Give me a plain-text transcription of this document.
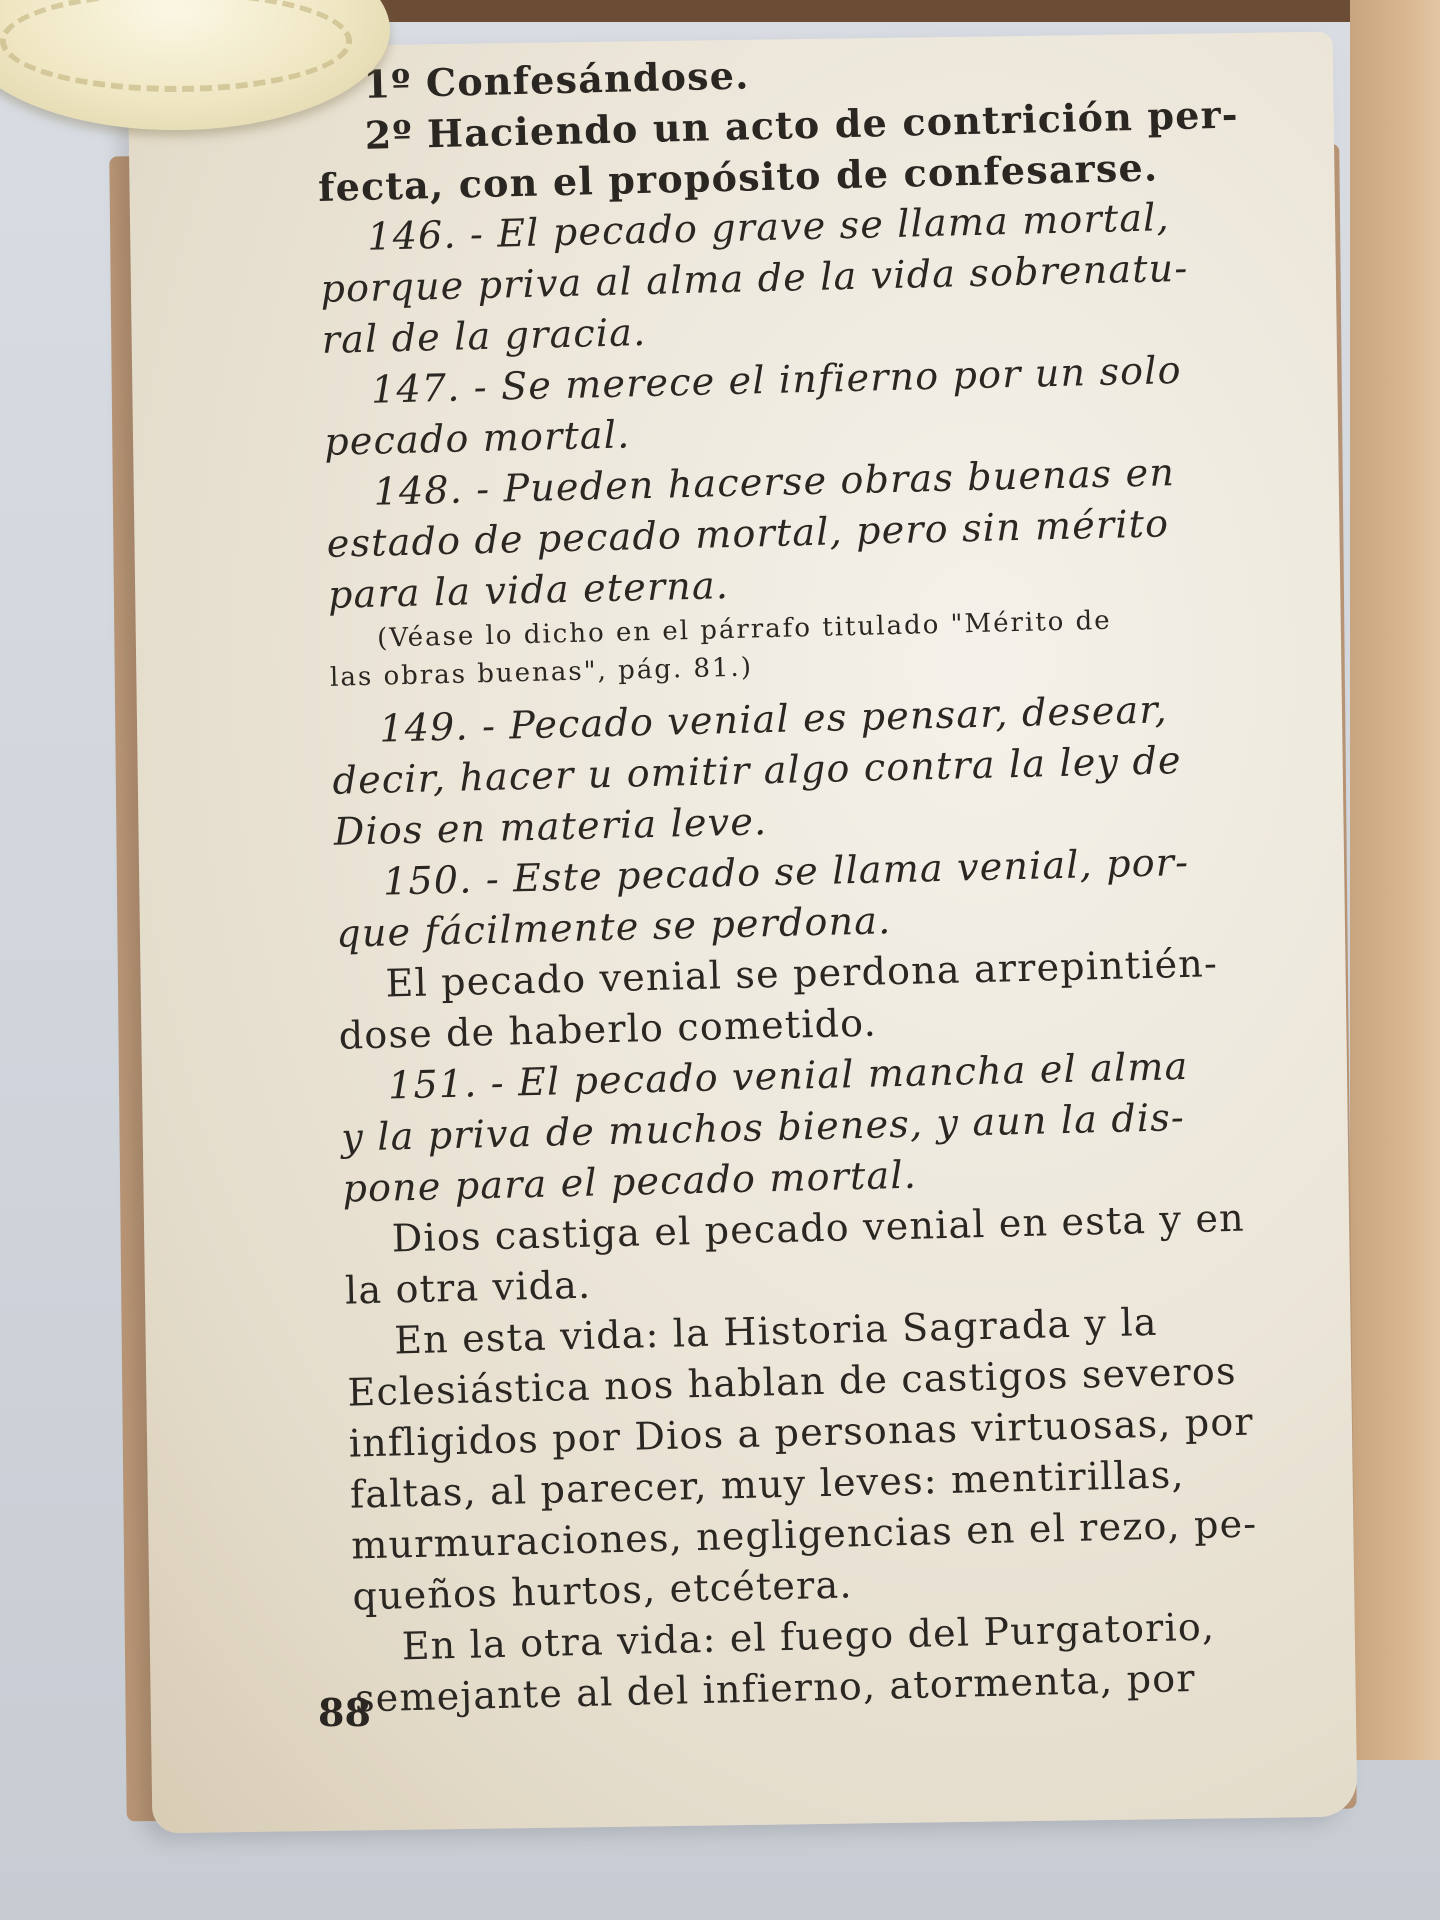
1º Confesándose.
2º Haciendo un acto de contrición per-
fecta, con el propósito de confesarse.
146. - El pecado grave se llama mortal,
porque priva al alma de la vida sobrenatu-
ral de la gracia.
147. - Se merece el infierno por un solo
pecado mortal.
148. - Pueden hacerse obras buenas en
estado de pecado mortal, pero sin mérito
para la vida eterna.
(Véase lo dicho en el párrafo titulado "Mérito de
las obras buenas", pág. 81.)
149. - Pecado venial es pensar, desear,
decir, hacer u omitir algo contra la ley de
Dios en materia leve.
150. - Este pecado se llama venial, por-
que fácilmente se perdona.
El pecado venial se perdona arrepintién-
dose de haberlo cometido.
151. - El pecado venial mancha el alma
y la priva de muchos bienes, y aun la dis-
pone para el pecado mortal.
Dios castiga el pecado venial en esta y en
la otra vida.
En esta vida: la Historia Sagrada y la
Eclesiástica nos hablan de castigos severos
infligidos por Dios a personas virtuosas, por
faltas, al parecer, muy leves: mentirillas,
murmuraciones, negligencias en el rezo, pe-
queños hurtos, etcétera.
En la otra vida: el fuego del Purgatorio,
semejante al del infierno, atormenta, por
88
